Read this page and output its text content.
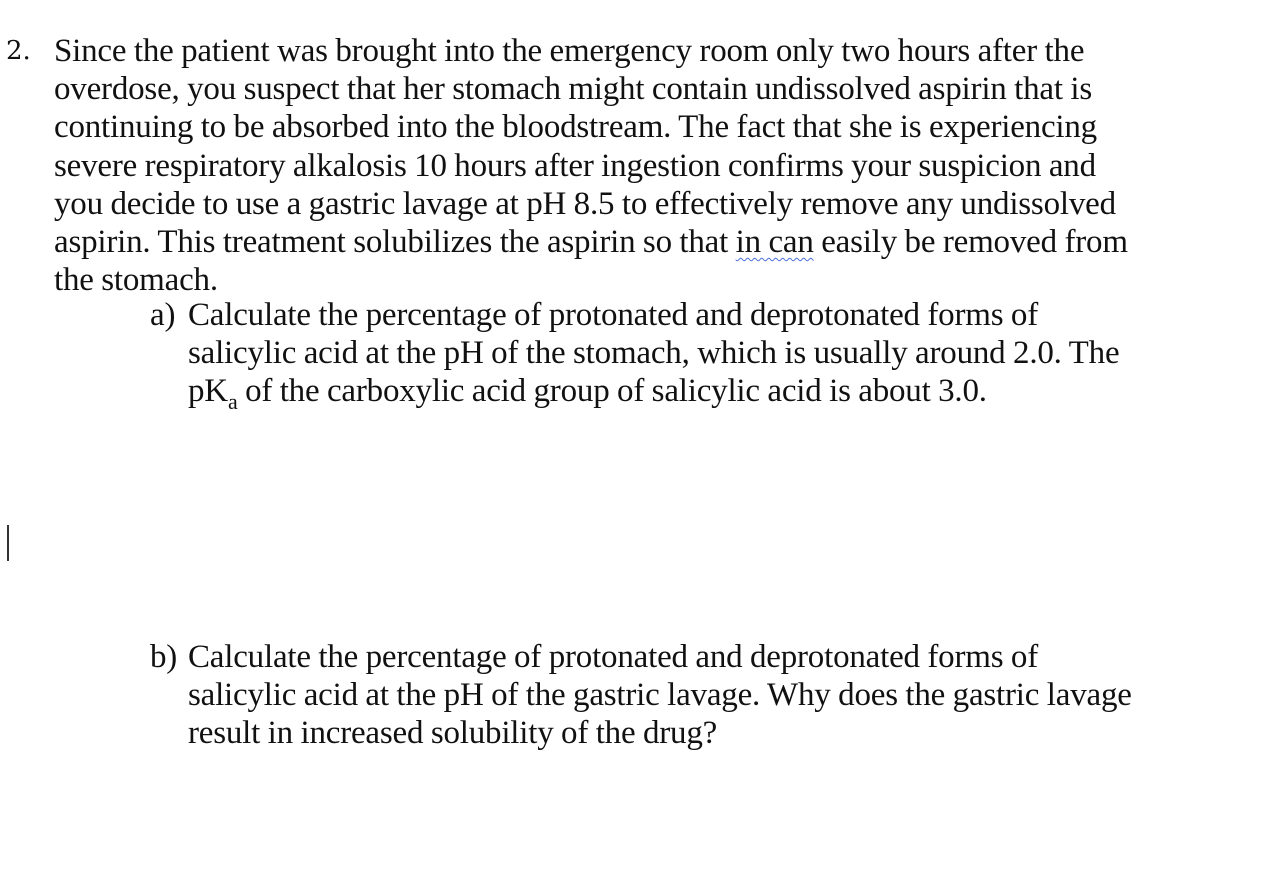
2. Since the patient was brought into the emergency room only two hours after the
overdose, you suspect that her stomach might contain undissolved aspirin that is
continuing to be absorbed into the bloodstream. The fact that she is experiencing
severe respiratory alkalosis 10 hours after ingestion confirms your suspicion and
you decide to use a gastric lavage at pH 8.5 to effectively remove any undissolved
aspirin. This treatment solubilizes the aspirin so that in can easily be removed from
the stomach.
a) Calculate the percentage of protonated and deprotonated forms of
salicylic acid at the pH of the stomach, which is usually around 2.0. The
$pK_a$ of the carboxylic acid group of salicylic acid is about 3.0.
b) Calculate the percentage of protonated and deprotonated forms of
salicylic acid at the pH of the gastric lavage. Why does the gastric lavage
result in increased solubility of the drug?
